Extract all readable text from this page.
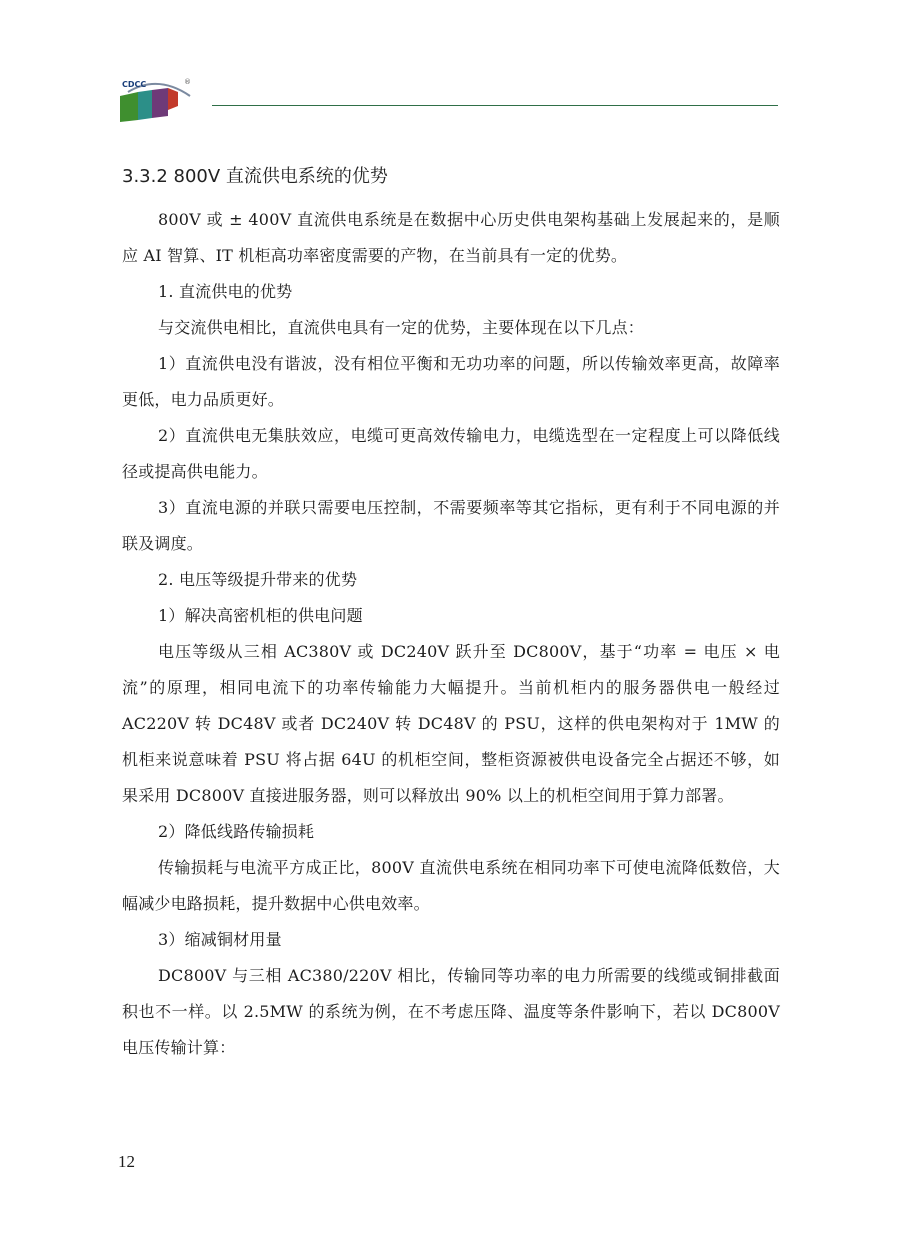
CDCC	®
3.3.2 800V 直流供电系统的优势

800V 或 ± 400V 直流供电系统是在数据中心历史供电架构基础上发展起来的，是顺应 AI 智算、IT 机柜高功率密度需要的产物，在当前具有一定的优势。

1. 直流供电的优势

与交流供电相比，直流供电具有一定的优势，主要体现在以下几点：

1）直流供电没有谐波，没有相位平衡和无功功率的问题，所以传输效率更高，故障率更低，电力品质更好。

2）直流供电无集肤效应，电缆可更高效传输电力，电缆选型在一定程度上可以降低线径或提高供电能力。

3）直流电源的并联只需要电压控制，不需要频率等其它指标，更有利于不同电源的并联及调度。

2. 电压等级提升带来的优势

1）解决高密机柜的供电问题

电压等级从三相 AC380V 或 DC240V 跃升至 DC800V，基于“功率 = 电压 × 电流”的原理，相同电流下的功率传输能力大幅提升。当前机柜内的服务器供电一般经过 AC220V 转 DC48V 或者 DC240V 转 DC48V 的 PSU，这样的供电架构对于 1MW 的机柜来说意味着 PSU 将占据 64U 的机柜空间，整柜资源被供电设备完全占据还不够，如果采用 DC800V 直接进服务器，则可以释放出 90% 以上的机柜空间用于算力部署。

2）降低线路传输损耗

传输损耗与电流平方成正比，800V 直流供电系统在相同功率下可使电流降低数倍，大幅减少电路损耗，提升数据中心供电效率。

3）缩减铜材用量

DC800V 与三相 AC380/220V 相比，传输同等功率的电力所需要的线缆或铜排截面积也不一样。以 2.5MW 的系统为例，在不考虑压降、温度等条件影响下，若以 DC800V 电压传输计算：

12
